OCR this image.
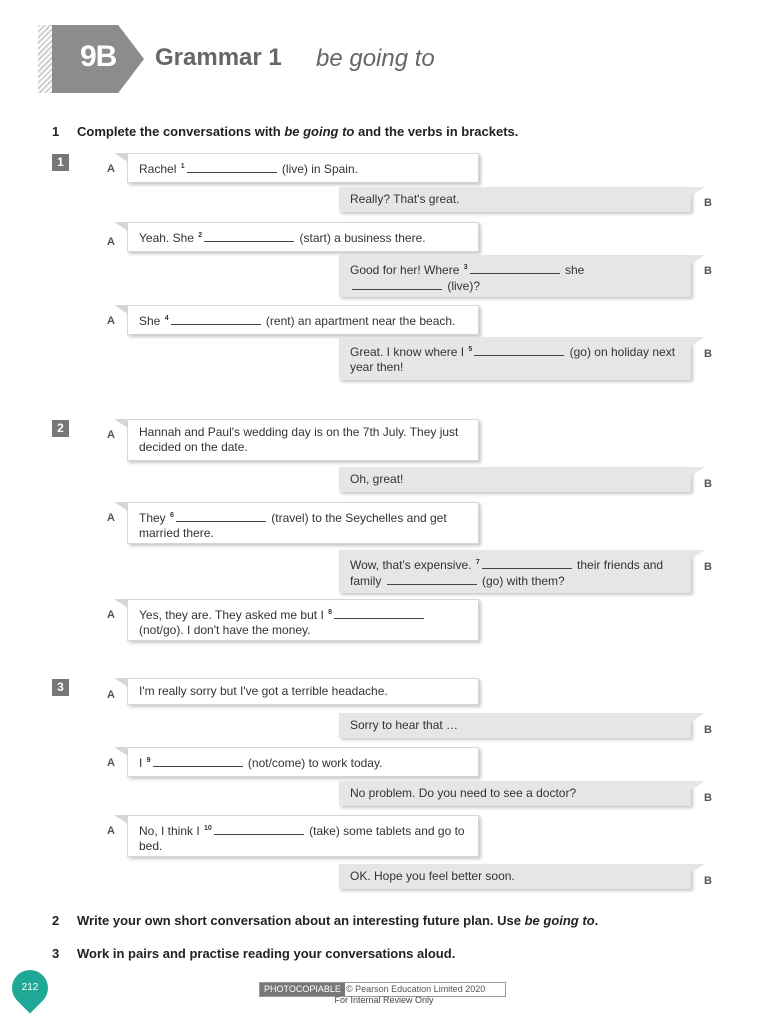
9B Grammar 1 be going to
1 Complete the conversations with be going to and the verbs in brackets.
1
2
3
A	Rachel $^1$	(live) in Spain.
Really? That's great.	B
A	Yeah. She $^2$	(start) a business there.
Good for her! Where $^3$	she  (live)?
B
A	She $^4$	(rent) an apartment near the beach.
Great. I know where I $^5$	(go) on holiday next year then!
B
A	Hannah and Paul's wedding day is on the 7th July. They just decided on the date.
Oh, great!	B
A	They $^6$	(travel) to the Seychelles and get married there.
Wow, that's expensive. $^7$	their friends and family	(go) with them?
B
A	Yes, they are. They asked me but I $^8$ (not/go). I don't have the money.
A	I'm really sorry but I've got a terrible headache.
Sorry to hear that …	B
A	I $^9$	(not/come) to work today.
No problem. Do you need to see a doctor?	B
A	No, I think I $^{10}$	(take) some tablets and go to bed.
OK. Hope you feel better soon.	B
2 Write your own short conversation about an interesting future plan. Use be going to.
3 Work in pairs and practise reading your conversations aloud.
212	PHOTOCOPIABLE © Pearson Education Limited 2020
For Internal Review Only
